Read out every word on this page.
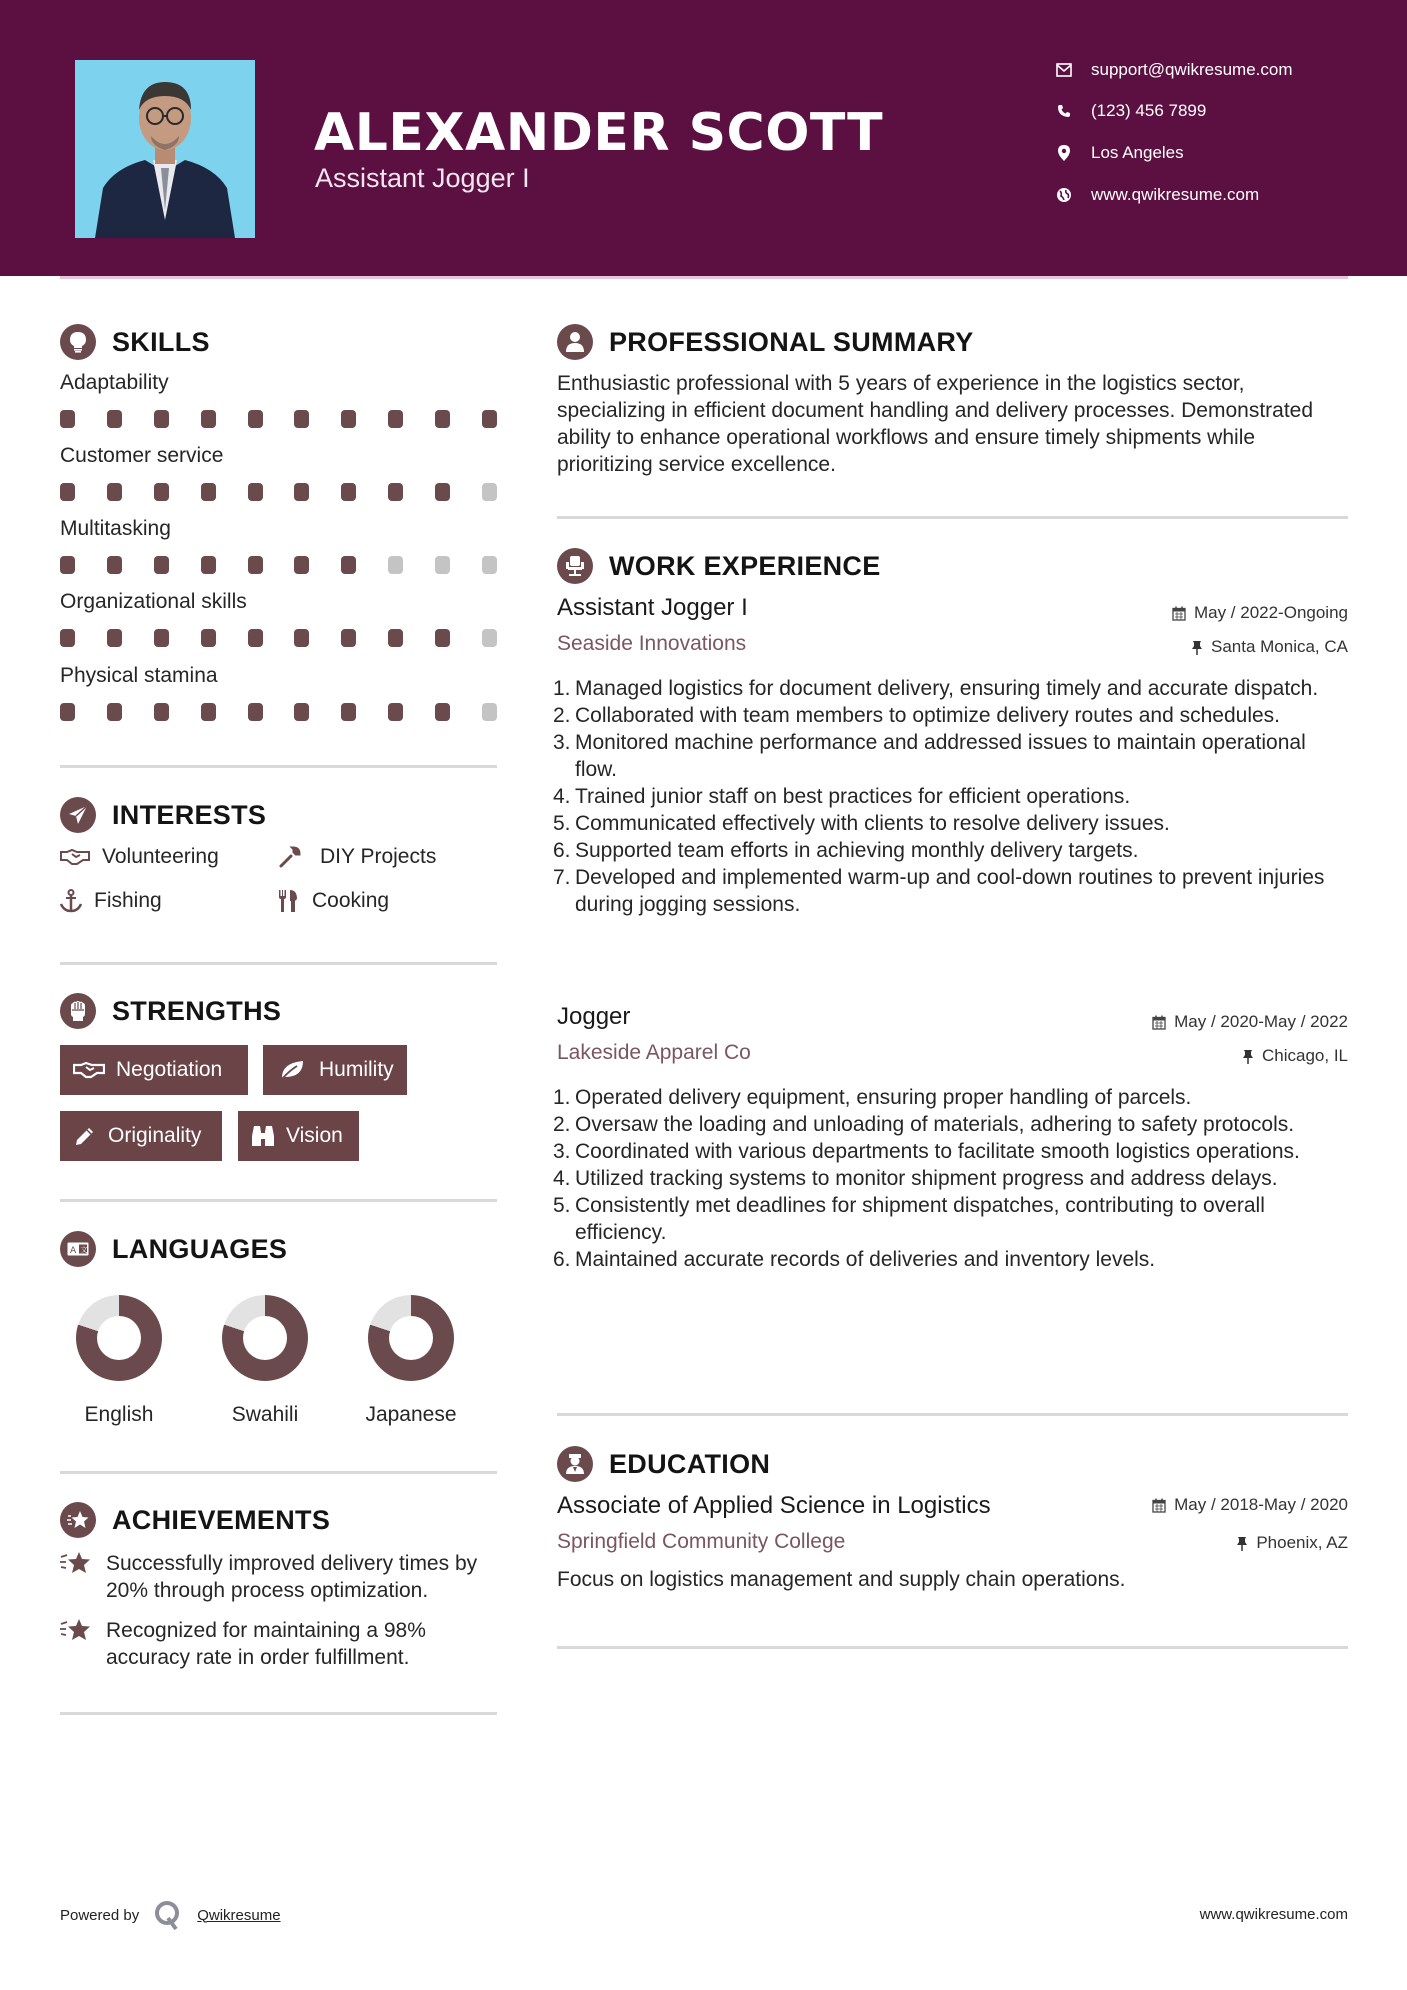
ALEXANDER SCOTT
Assistant Jogger I
support@qwikresume.com
(123) 456 7899
Los Angeles
www.qwikresume.com
SKILLS
Adaptability
Customer service
Multitasking
Organizational skills
Physical stamina
INTERESTS
Volunteering	DIY Projects
Fishing	Cooking
STRENGTHS
Negotiation	Humility
Originality	Vision
A 文 LANGUAGES
English	Swahili	Japanese
ACHIEVEMENTS
Successfully improved delivery times by 20% through process optimization.
Recognized for maintaining a 98% accuracy rate in order fulfillment.
PROFESSIONAL SUMMARY
Enthusiastic professional with 5 years of experience in the logistics sector, specializing in efficient document handling and delivery processes. Demonstrated ability to enhance operational workflows and ensure timely shipments while prioritizing service excellence.
WORK EXPERIENCE
Assistant Jogger I	May / 2022-Ongoing
Seaside Innovations	Santa Monica, CA
1. Managed logistics for document delivery, ensuring timely and accurate dispatch.
2. Collaborated with team members to optimize delivery routes and schedules.
3. Monitored machine performance and addressed issues to maintain operational flow.
4. Trained junior staff on best practices for efficient operations.
5. Communicated effectively with clients to resolve delivery issues.
6. Supported team efforts in achieving monthly delivery targets.
7. Developed and implemented warm-up and cool-down routines to prevent injuries during jogging sessions.
Jogger	May / 2020-May / 2022
Lakeside Apparel Co	Chicago, IL
1. Operated delivery equipment, ensuring proper handling of parcels.
2. Oversaw the loading and unloading of materials, adhering to safety protocols.
3. Coordinated with various departments to facilitate smooth logistics operations.
4. Utilized tracking systems to monitor shipment progress and address delays.
5. Consistently met deadlines for shipment dispatches, contributing to overall efficiency.
6. Maintained accurate records of deliveries and inventory levels.
EDUCATION
Associate of Applied Science in Logistics	May / 2018-May / 2020
Springfield Community College	Phoenix, AZ
Focus on logistics management and supply chain operations.
Powered by	Qwikresume	www.qwikresume.com
